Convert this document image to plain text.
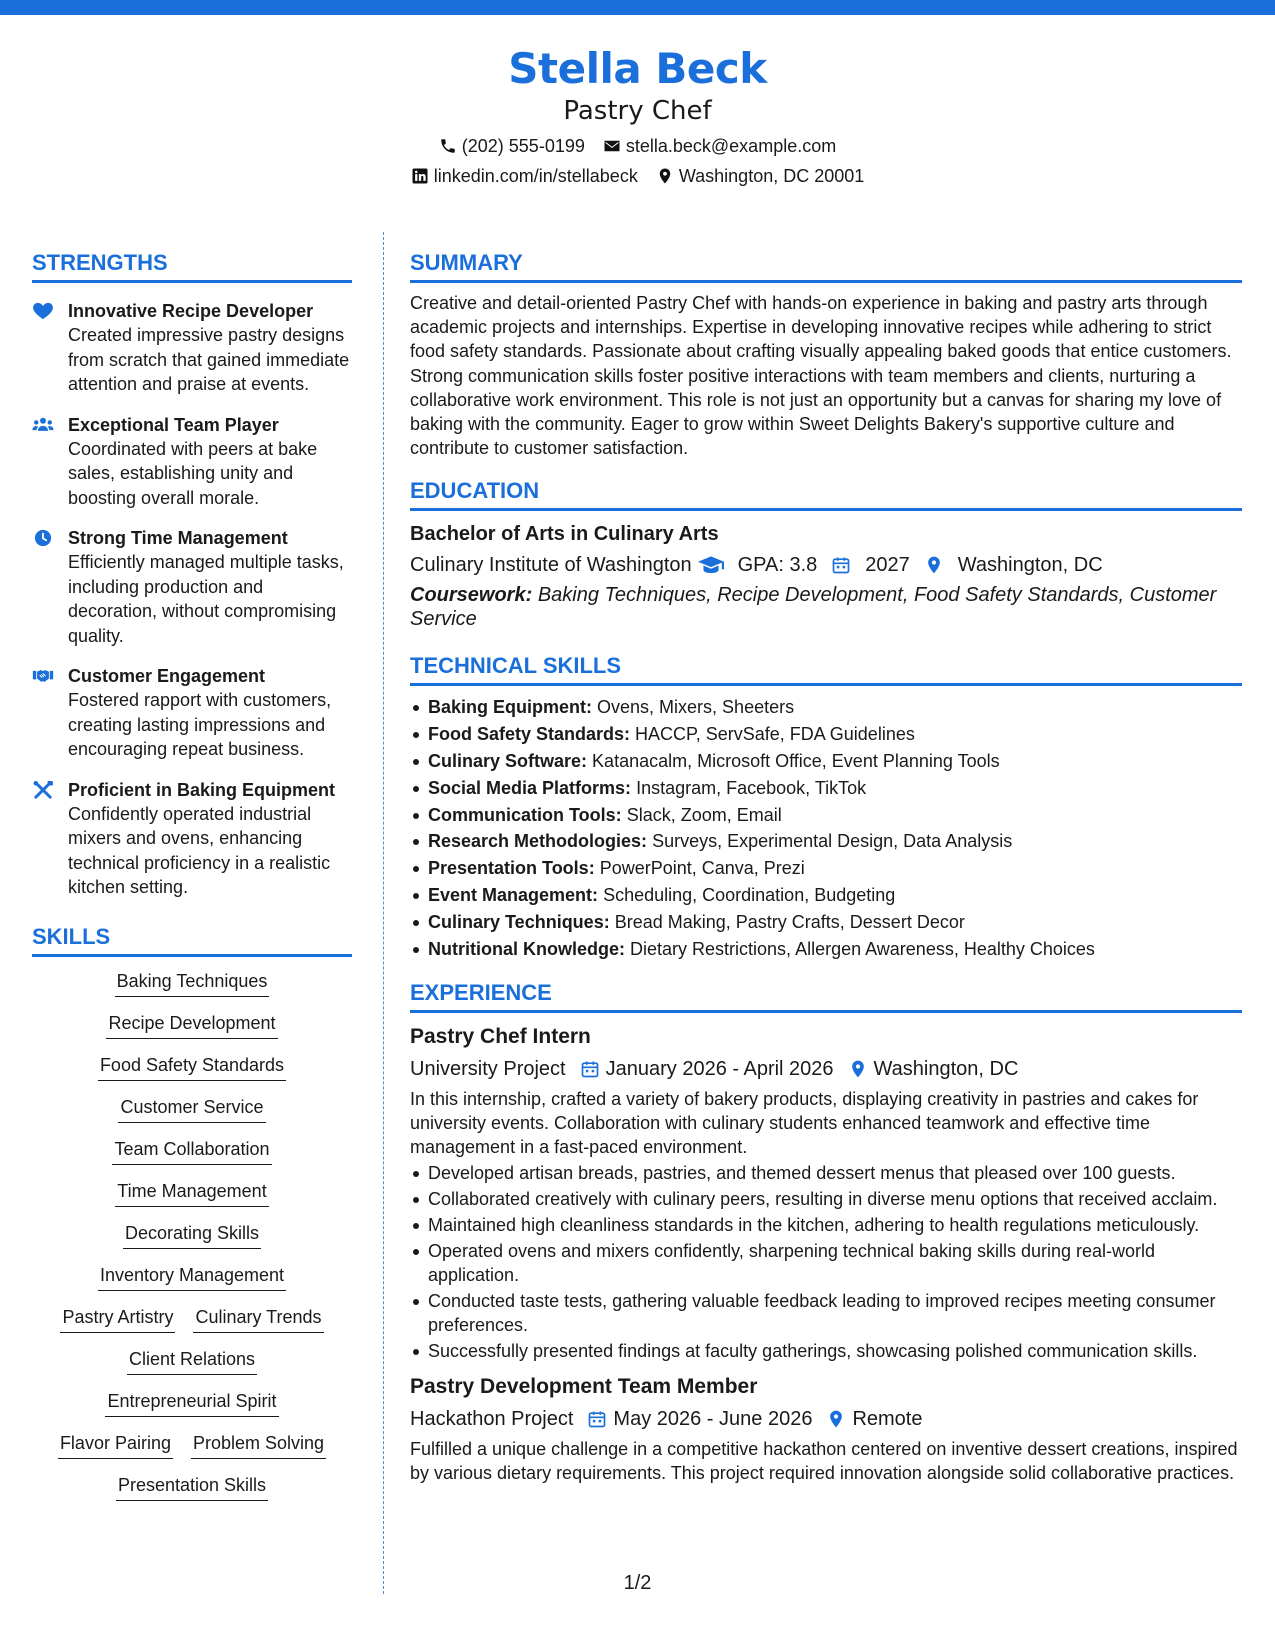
Stella Beck
Pastry Chef
(202) 555-0199 stella.beck@example.com
linkedin.com/in/stellabeck Washington, DC 20001
STRENGTHS
Innovative Recipe Developer
Created impressive pastry designs from scratch that gained immediate attention and praise at events.
Exceptional Team Player
Coordinated with peers at bake sales, establishing unity and boosting overall morale.
Strong Time Management
Efficiently managed multiple tasks, including production and decoration, without compromising quality.
Customer Engagement
Fostered rapport with customers, creating lasting impressions and encouraging repeat business.
Proficient in Baking Equipment
Confidently operated industrial mixers and ovens, enhancing technical proficiency in a realistic kitchen setting.
SKILLS
Baking Techniques
Recipe Development
Food Safety Standards
Customer Service
Team Collaboration
Time Management
Decorating Skills
Inventory Management
Pastry Artistry Culinary Trends
Client Relations
Entrepreneurial Spirit
Flavor Pairing Problem Solving
Presentation Skills
SUMMARY
Creative and detail-oriented Pastry Chef with hands-on experience in baking and pastry arts through academic projects and internships. Expertise in developing innovative recipes while adhering to strict food safety standards. Passionate about crafting visually appealing baked goods that entice customers. Strong communication skills foster positive interactions with team members and clients, nurturing a collaborative work environment. This role is not just an opportunity but a canvas for sharing my love of baking with the community. Eager to grow within Sweet Delights Bakery's supportive culture and contribute to customer satisfaction.
EDUCATION
Bachelor of Arts in Culinary Arts
Culinary Institute of Washington GPA: 3.8 2027 Washington, DC
Coursework: Baking Techniques, Recipe Development, Food Safety Standards, Customer Service
TECHNICAL SKILLS
Baking Equipment: Ovens, Mixers, Sheeters
Food Safety Standards: HACCP, ServSafe, FDA Guidelines
Culinary Software: Katanacalm, Microsoft Office, Event Planning Tools
Social Media Platforms: Instagram, Facebook, TikTok
Communication Tools: Slack, Zoom, Email
Research Methodologies: Surveys, Experimental Design, Data Analysis
Presentation Tools: PowerPoint, Canva, Prezi
Event Management: Scheduling, Coordination, Budgeting
Culinary Techniques: Bread Making, Pastry Crafts, Dessert Decor
Nutritional Knowledge: Dietary Restrictions, Allergen Awareness, Healthy Choices
EXPERIENCE
Pastry Chef Intern
University Project January 2026 - April 2026 Washington, DC
In this internship, crafted a variety of bakery products, displaying creativity in pastries and cakes for university events. Collaboration with culinary students enhanced teamwork and effective time management in a fast-paced environment.
Developed artisan breads, pastries, and themed dessert menus that pleased over 100 guests.
Collaborated creatively with culinary peers, resulting in diverse menu options that received acclaim.
Maintained high cleanliness standards in the kitchen, adhering to health regulations meticulously.
Operated ovens and mixers confidently, sharpening technical baking skills during real-world application.
Conducted taste tests, gathering valuable feedback leading to improved recipes meeting consumer preferences.
Successfully presented findings at faculty gatherings, showcasing polished communication skills.
Pastry Development Team Member
Hackathon Project May 2026 - June 2026 Remote
Fulfilled a unique challenge in a competitive hackathon centered on inventive dessert creations, inspired by various dietary requirements. This project required innovation alongside solid collaborative practices.
1/2
